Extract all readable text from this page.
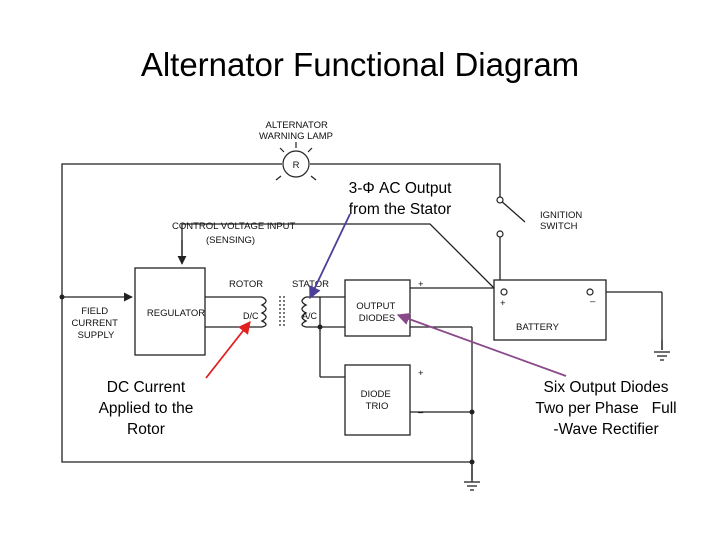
Alternator Functional Diagram
R
ALTERNATOR WARNING LAMP
IGNITION SWITCH
CONTROL VOLTAGE INPUT (SENSING)
FIELD CURRENT SUPPLY
REGULATOR
ROTOR
D/C
STATOR
A/C
OUTPUT DIODES
+
DIODE TRIO
+
–
BATTERY
+	–
3-Φ AC Output
from the Stator
DC Current
Applied to the
Rotor
Six Output Diodes
Two per Phase   Full
-Wave Rectifier
